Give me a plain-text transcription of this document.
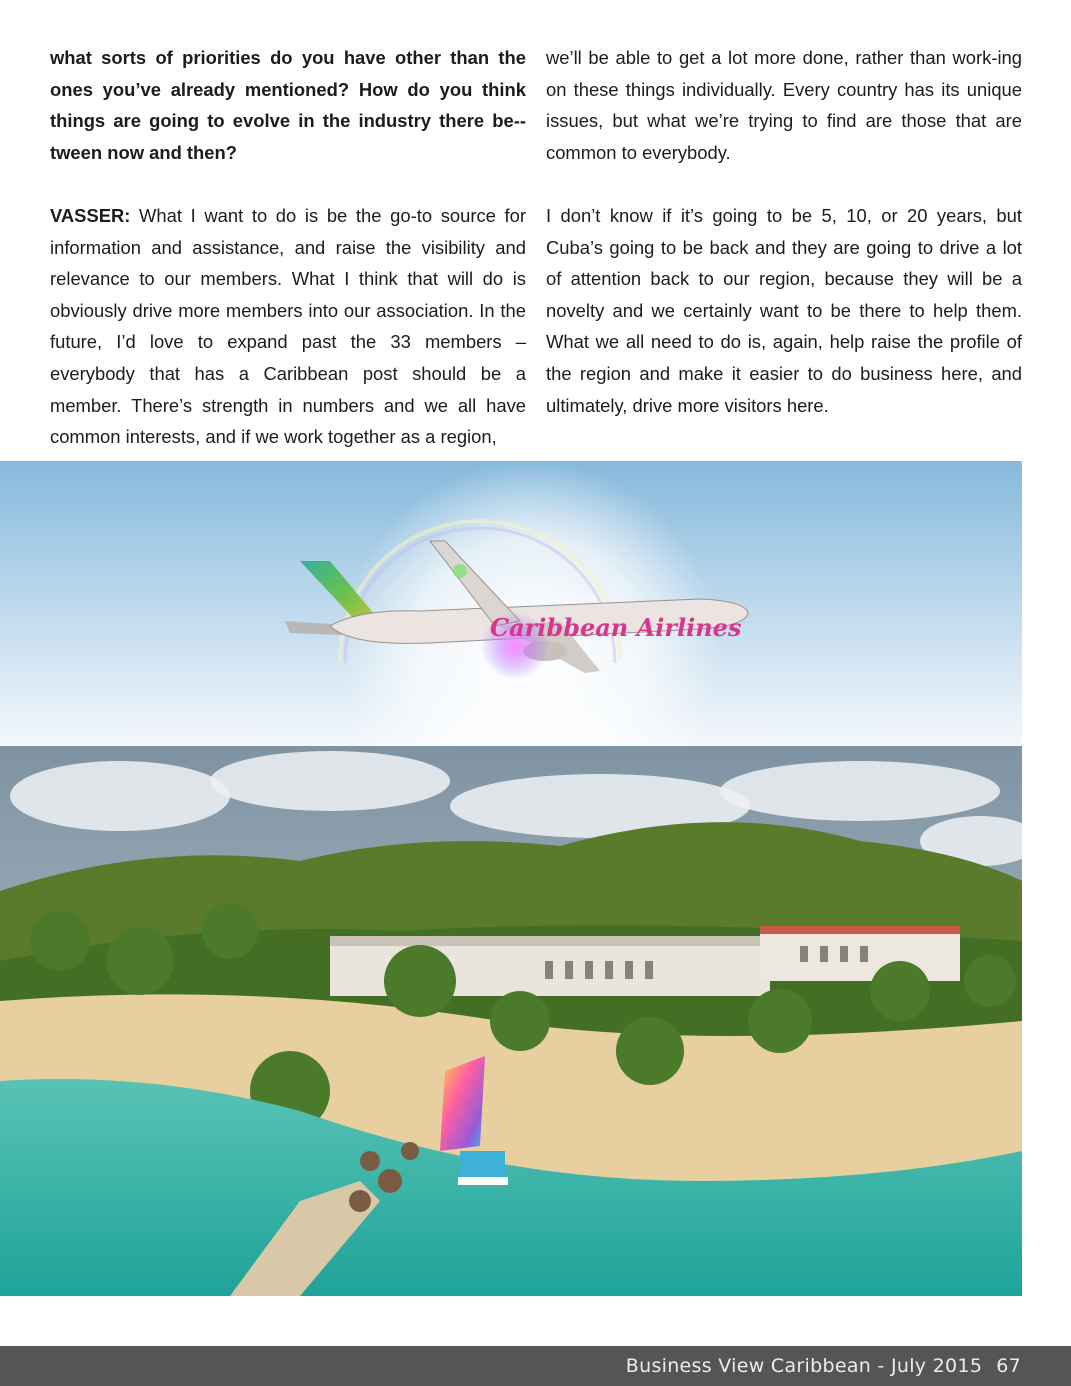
what sorts of priorities do you have other than the ones you’ve already mentioned? How do you think things are going to evolve in the industry there be-tween now and then?

VASSER: What I want to do is be the go-to source for information and assistance, and raise the visibility and relevance to our members. What I think that will do is obviously drive more members into our association. In the future, I’d love to expand past the 33 members – everybody that has a Caribbean post should be a member. There’s strength in numbers and we all have common interests, and if we work together as a region,

we’ll be able to get a lot more done, rather than work-ing on these things individually. Every country has its unique issues, but what we’re trying to find are those that are common to everybody.

I don’t know if it’s going to be 5, 10, or 20 years, but Cuba’s going to be back and they are going to drive a lot of attention back to our region, because they will be a novelty and we certainly want to be there to help them. What we all need to do is, again, help raise the profile of the region and make it easier to do business here, and ultimately, drive more visitors here.

Caribbean Airlines
Business View Caribbean - July 2015 67
